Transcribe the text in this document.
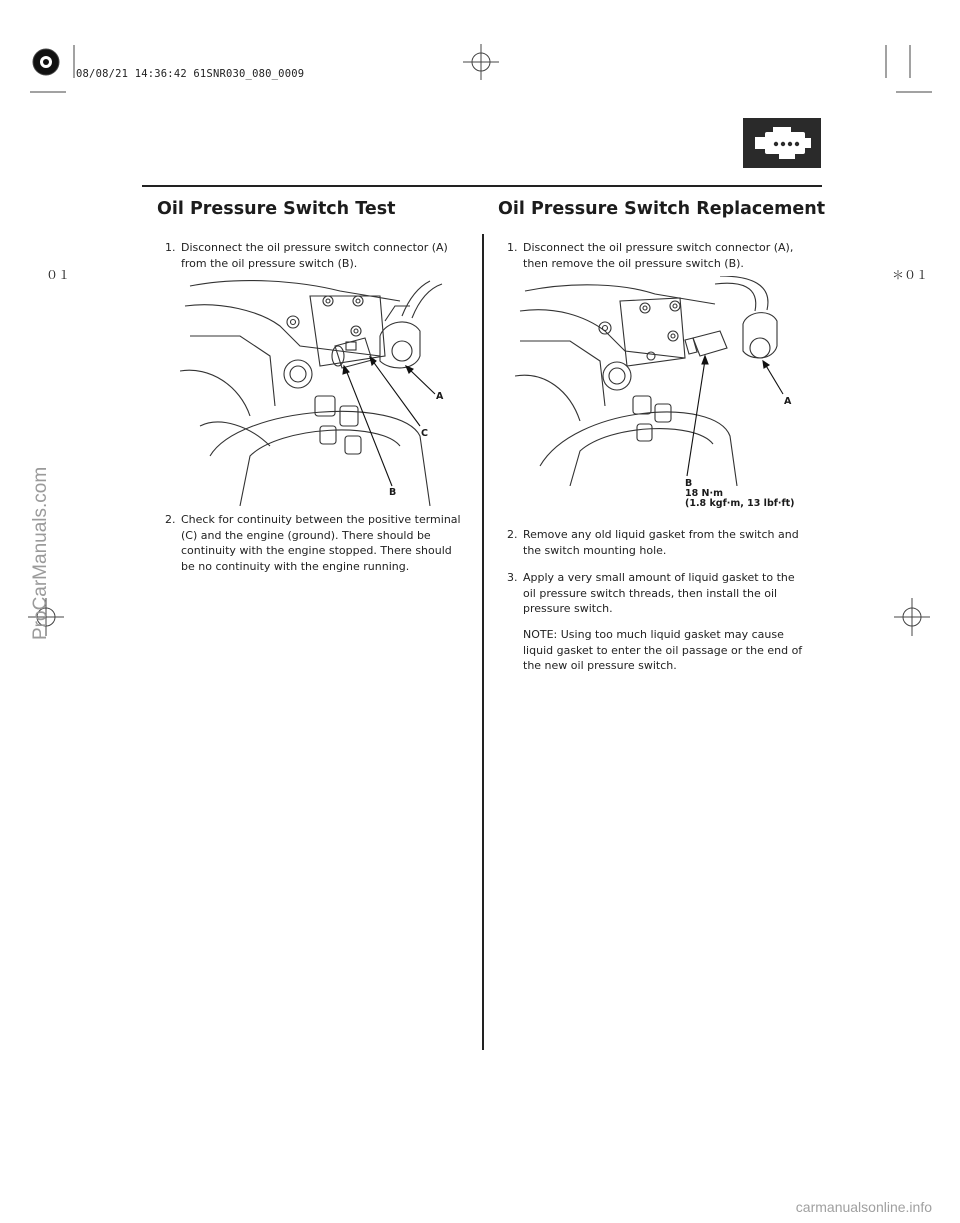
08/08/21 14:36:42 61SNR030_080_0009
０１	＊０１
Oil Pressure Switch Test
1. Disconnect the oil pressure switch connector (A) from the oil pressure switch (B).
A
C
B
2. Check for continuity between the positive terminal (C) and the engine (ground). There should be continuity with the engine stopped. There should be no continuity with the engine running.
Oil Pressure Switch Replacement
1. Disconnect the oil pressure switch connector (A), then remove the oil pressure switch (B).
A
B
18 N·m
(1.8 kgf·m, 13 lbf·ft)
2. Remove any old liquid gasket from the switch and the switch mounting hole.
3. Apply a very small amount of liquid gasket to the oil pressure switch threads, then install the oil pressure switch.
NOTE: Using too much liquid gasket may cause liquid gasket to enter the oil passage or the end of the new oil pressure switch.
ProCarManuals.com
carmanualsonline.info
